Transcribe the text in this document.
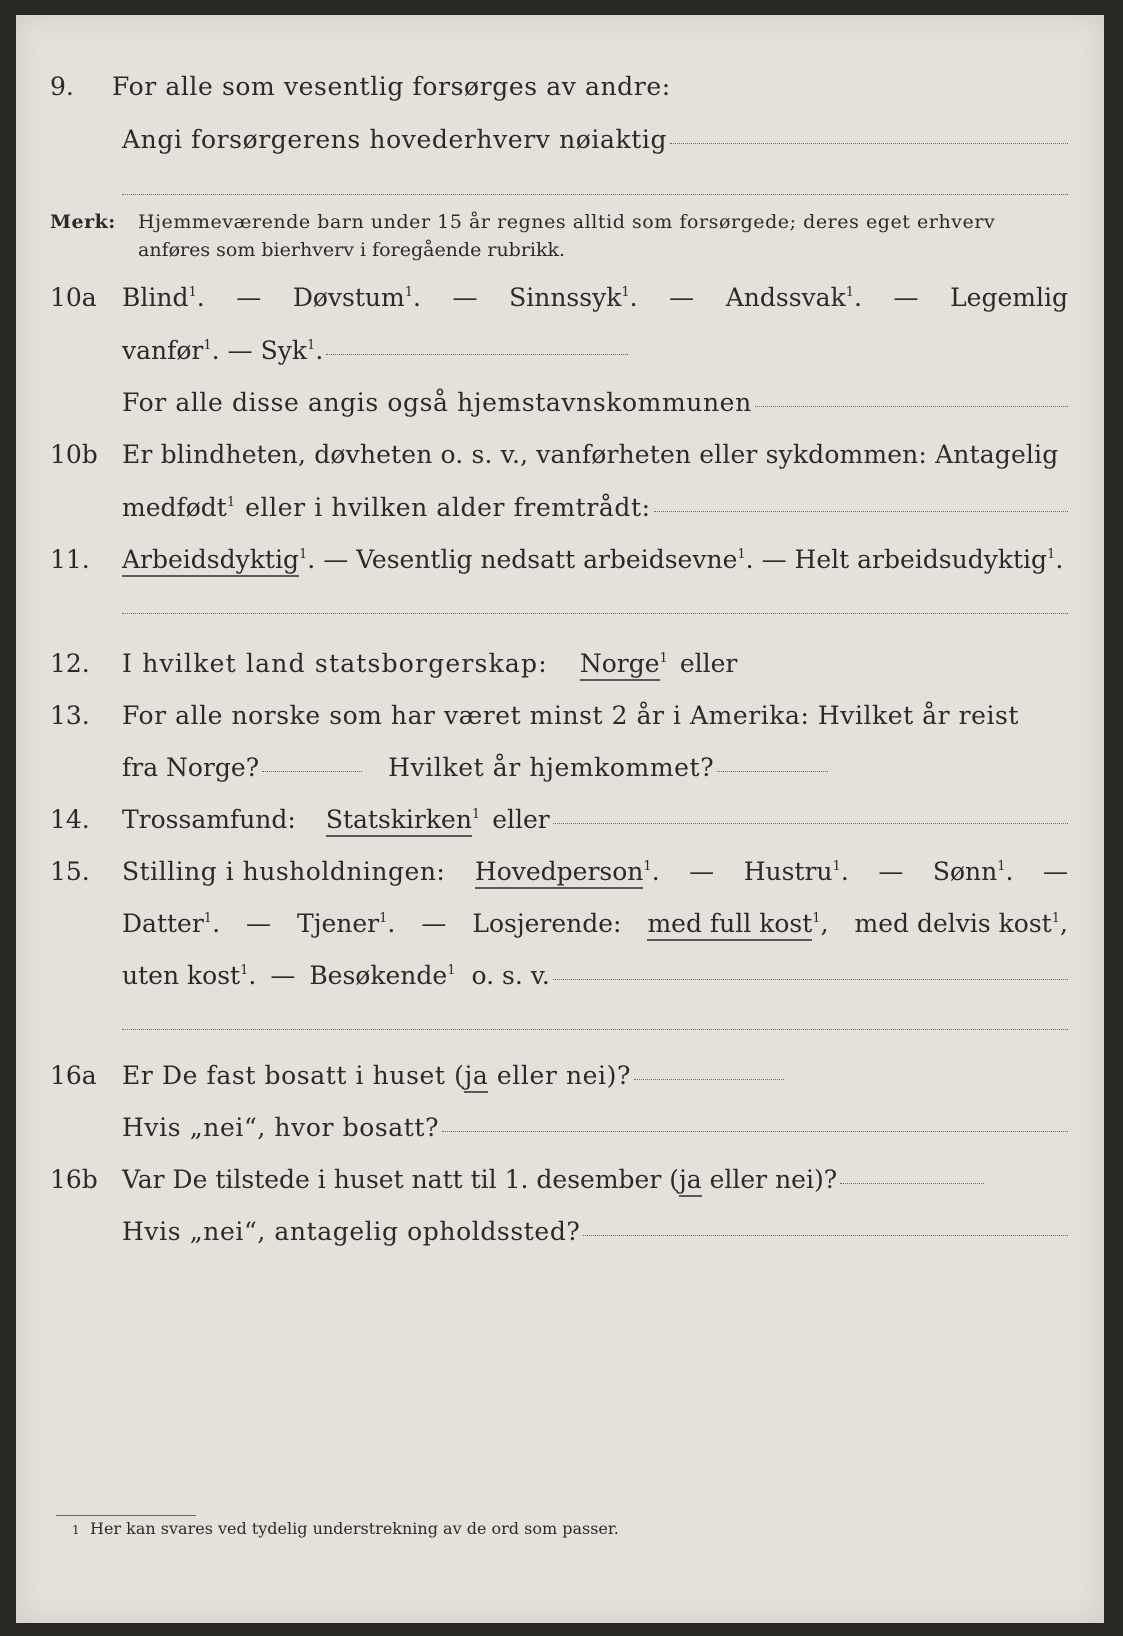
9. For alle som vesentlig forsørges av andre:
Angi forsørgerens hovederhverv nøiaktig
Merk: Hjemmeværende barn under 15 år regnes alltid som forsørgede; deres eget erhverv
anføres som bierhverv i foregående rubrikk.
10a Blind$^1$. — Døvstum$^1$. — Sinnssyk$^1$. — Andssvak$^1$. — Legemlig
vanfør$^1$. — Syk$^1$.
For alle disse angis også hjemstavnskommunen
10b Er blindheten, døvheten o. s. v., vanførheten eller sykdommen: Antagelig
medfødt$^1$ eller i hvilken alder fremtrådt:
11. Arbeidsdyktig$^1$. — Vesentlig nedsatt arbeidsevne$^1$. — Helt arbeidsudyktig$^1$.
12. I hvilket land statsborgerskap: Norge$^1$ eller
13. For alle norske som har været minst 2 år i Amerika: Hvilket år reist
fra Norge?	Hvilket år hjemkommet?
14. Trossamfund: Statskirken$^1$ eller
15. Stilling i husholdningen: Hovedperson$^1$. — Hustru$^1$. — Sønn$^1$. —
Datter$^1$. — Tjener$^1$. — Losjerende: med full kost$^1$, med delvis kost$^1$,
uten kost$^1$. — Besøkende$^1$ o. s. v.
16a Er De fast bosatt i huset (ja eller nei)?
Hvis „nei“, hvor bosatt?
16b Var De tilstede i huset natt til 1. desember (ja eller nei)?
Hvis „nei“, antagelig opholdssted?
1 Her kan svares ved tydelig understrekning av de ord som passer.
